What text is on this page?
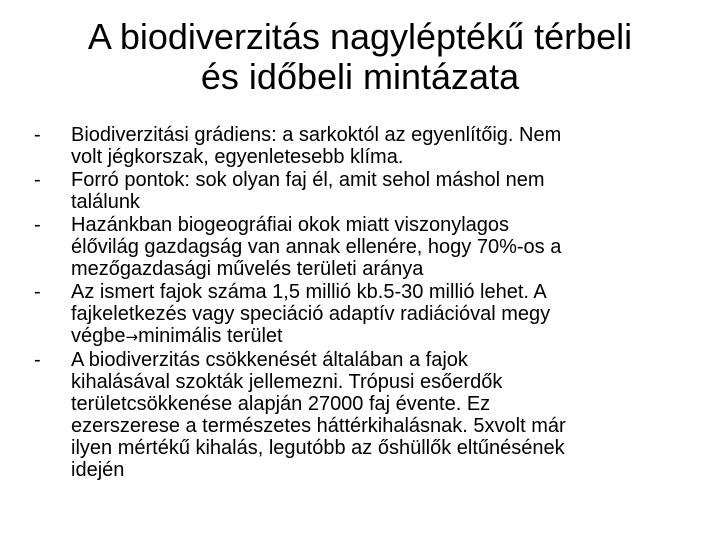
A biodiverzitás nagyléptékű térbeli
és időbeli mintázata
- Biodiverzitási grádiens: a sarkoktól az egyenlítőig. Nem
volt jégkorszak, egyenletesebb klíma.
- Forró pontok: sok olyan faj él, amit sehol máshol nem
találunk
- Hazánkban biogeográfiai okok miatt viszonylagos
élővilág gazdagság van annak ellenére, hogy 70%-os a
mezőgazdasági művelés területi aránya
- Az ismert fajok száma 1,5 millió kb.5-30 millió lehet. A
fajkeletkezés vagy speciáció adaptív radiációval megy
végbe→minimális terület
- A biodiverzitás csökkenését általában a fajok
kihalásával szokták jellemezni. Trópusi esőerdők
területcsökkenése alapján 27000 faj évente. Ez
ezerszerese a természetes háttérkihalásnak. 5xvolt már
ilyen mértékű kihalás, legutóbb az őshüllők eltűnésének
idején
